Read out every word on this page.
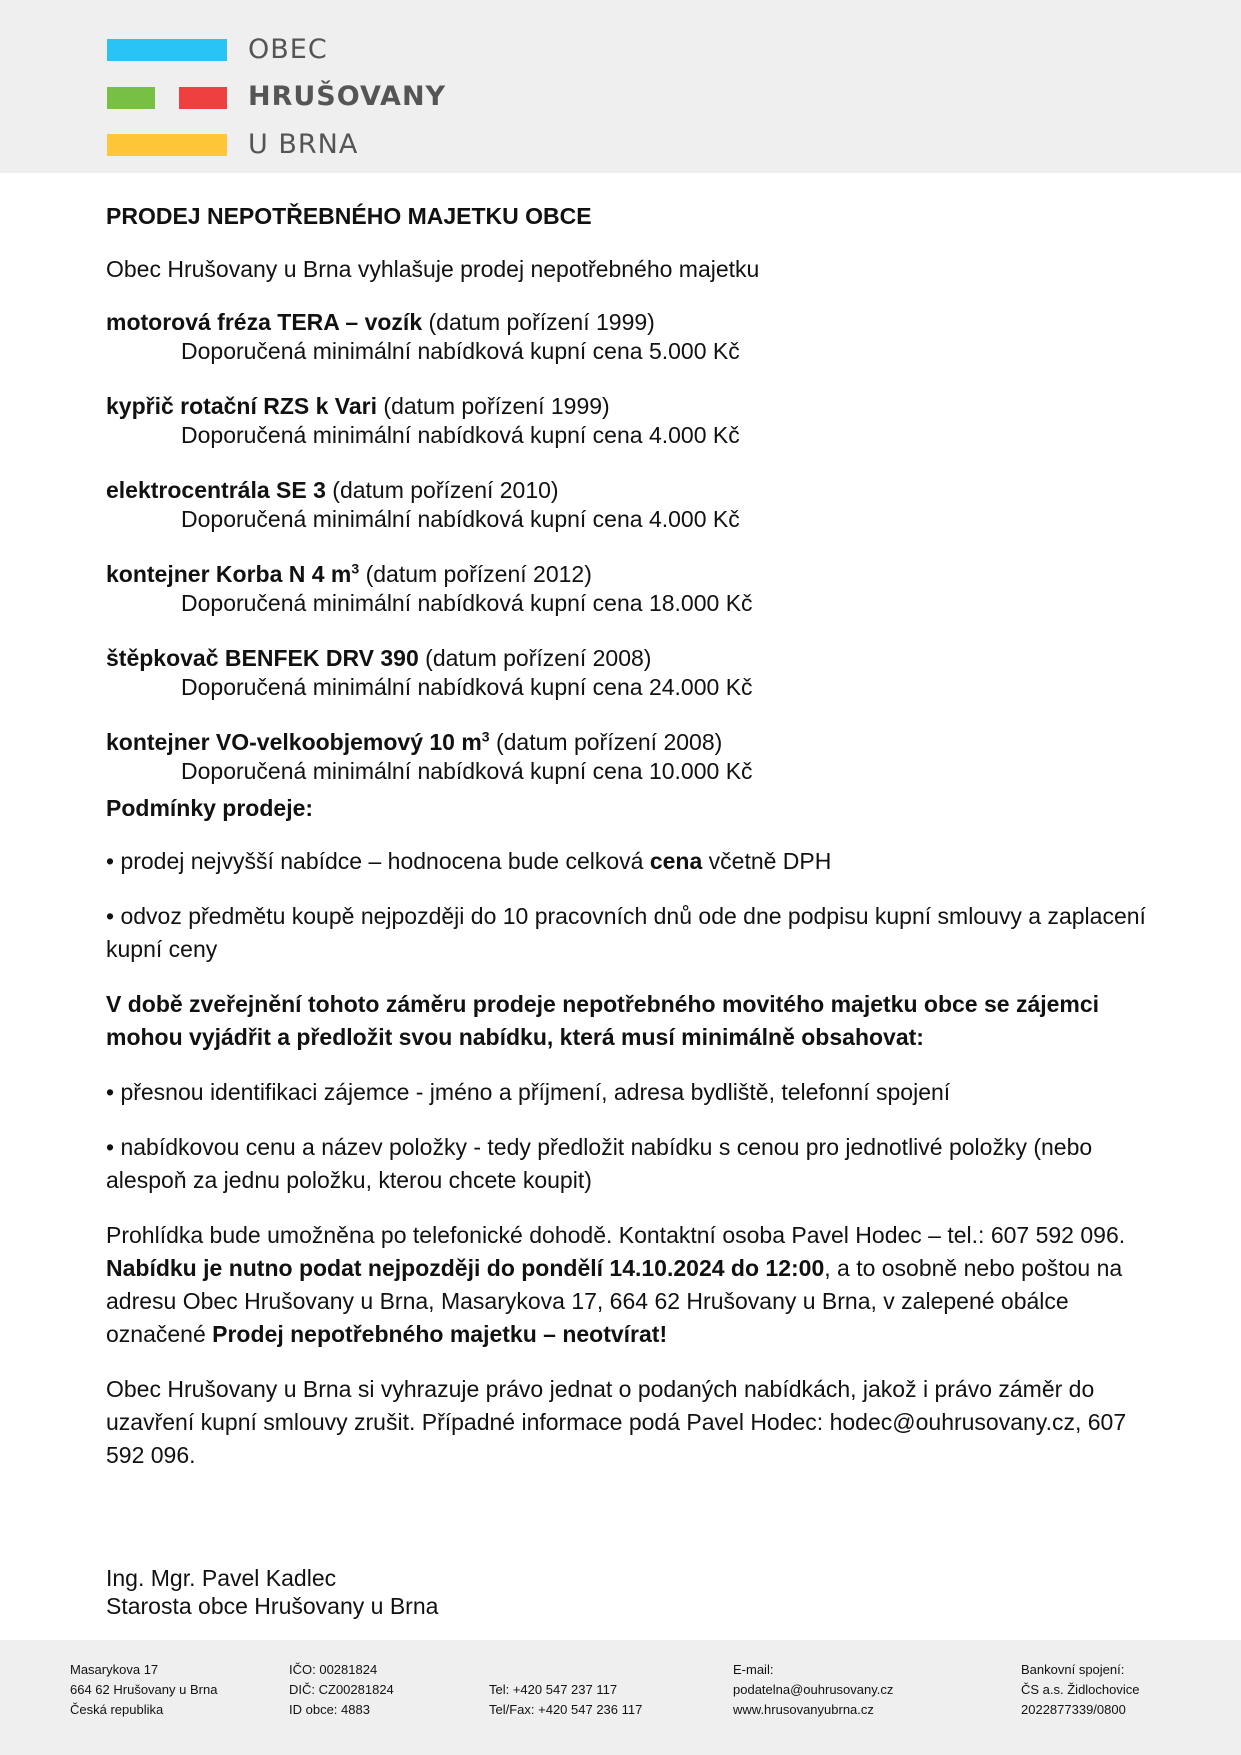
OBEC
HRUŠOVANY
U BRNA
PRODEJ NEPOTŘEBNÉHO MAJETKU OBCE
Obec Hrušovany u Brna vyhlašuje prodej nepotřebného majetku
motorová fréza TERA – vozík (datum pořízení 1999)
Doporučená minimální nabídková kupní cena 5.000 Kč
kypřič rotační RZS k Vari (datum pořízení 1999)
Doporučená minimální nabídková kupní cena 4.000 Kč
elektrocentrála SE 3 (datum pořízení 2010)
Doporučená minimální nabídková kupní cena 4.000 Kč
kontejner Korba N 4 $m^3$ (datum pořízení 2012)
Doporučená minimální nabídková kupní cena 18.000 Kč
štěpkovač BENFEK DRV 390 (datum pořízení 2008)
Doporučená minimální nabídková kupní cena 24.000 Kč
kontejner VO-velkoobjemový 10 $m^3$ (datum pořízení 2008)
Doporučená minimální nabídková kupní cena 10.000 Kč
Podmínky prodeje:
• prodej nejvyšší nabídce – hodnocena bude celková cena včetně DPH
• odvoz předmětu koupě nejpozději do 10 pracovních dnů ode dne podpisu kupní smlouvy a zaplacení kupní ceny
V době zveřejnění tohoto záměru prodeje nepotřebného movitého majetku obce se zájemci mohou vyjádřit a předložit svou nabídku, která musí minimálně obsahovat:
• přesnou identifikaci zájemce - jméno a příjmení, adresa bydliště, telefonní spojení
• nabídkovou cenu a název položky - tedy předložit nabídku s cenou pro jednotlivé položky (nebo alespoň za jednu položku, kterou chcete koupit)
Prohlídka bude umožněna po telefonické dohodě. Kontaktní osoba Pavel Hodec – tel.: 607 592 096. Nabídku je nutno podat nejpozději do pondělí 14.10.2024 do 12:00, a to osobně nebo poštou na adresu Obec Hrušovany u Brna, Masarykova 17, 664 62 Hrušovany u Brna, v zalepené obálce označené Prodej nepotřebného majetku – neotvírat!
Obec Hrušovany u Brna si vyhrazuje právo jednat o podaných nabídkách, jakož i právo záměr do uzavření kupní smlouvy zrušit. Případné informace podá Pavel Hodec: hodec@ouhrusovany.cz, 607 592 096.
Ing. Mgr. Pavel Kadlec
Starosta obce Hrušovany u Brna
Masarykova 17
664 62 Hrušovany u Brna
Česká republika
IČO: 00281824
DIČ: CZ00281824
ID obce: 4883
Tel: +420 547 237 117
Tel/Fax: +420 547 236 117
E-mail:
podatelna@ouhrusovany.cz
www.hrusovanyubrna.cz
Bankovní spojení:
ČS a.s. Židlochovice
2022877339/0800
